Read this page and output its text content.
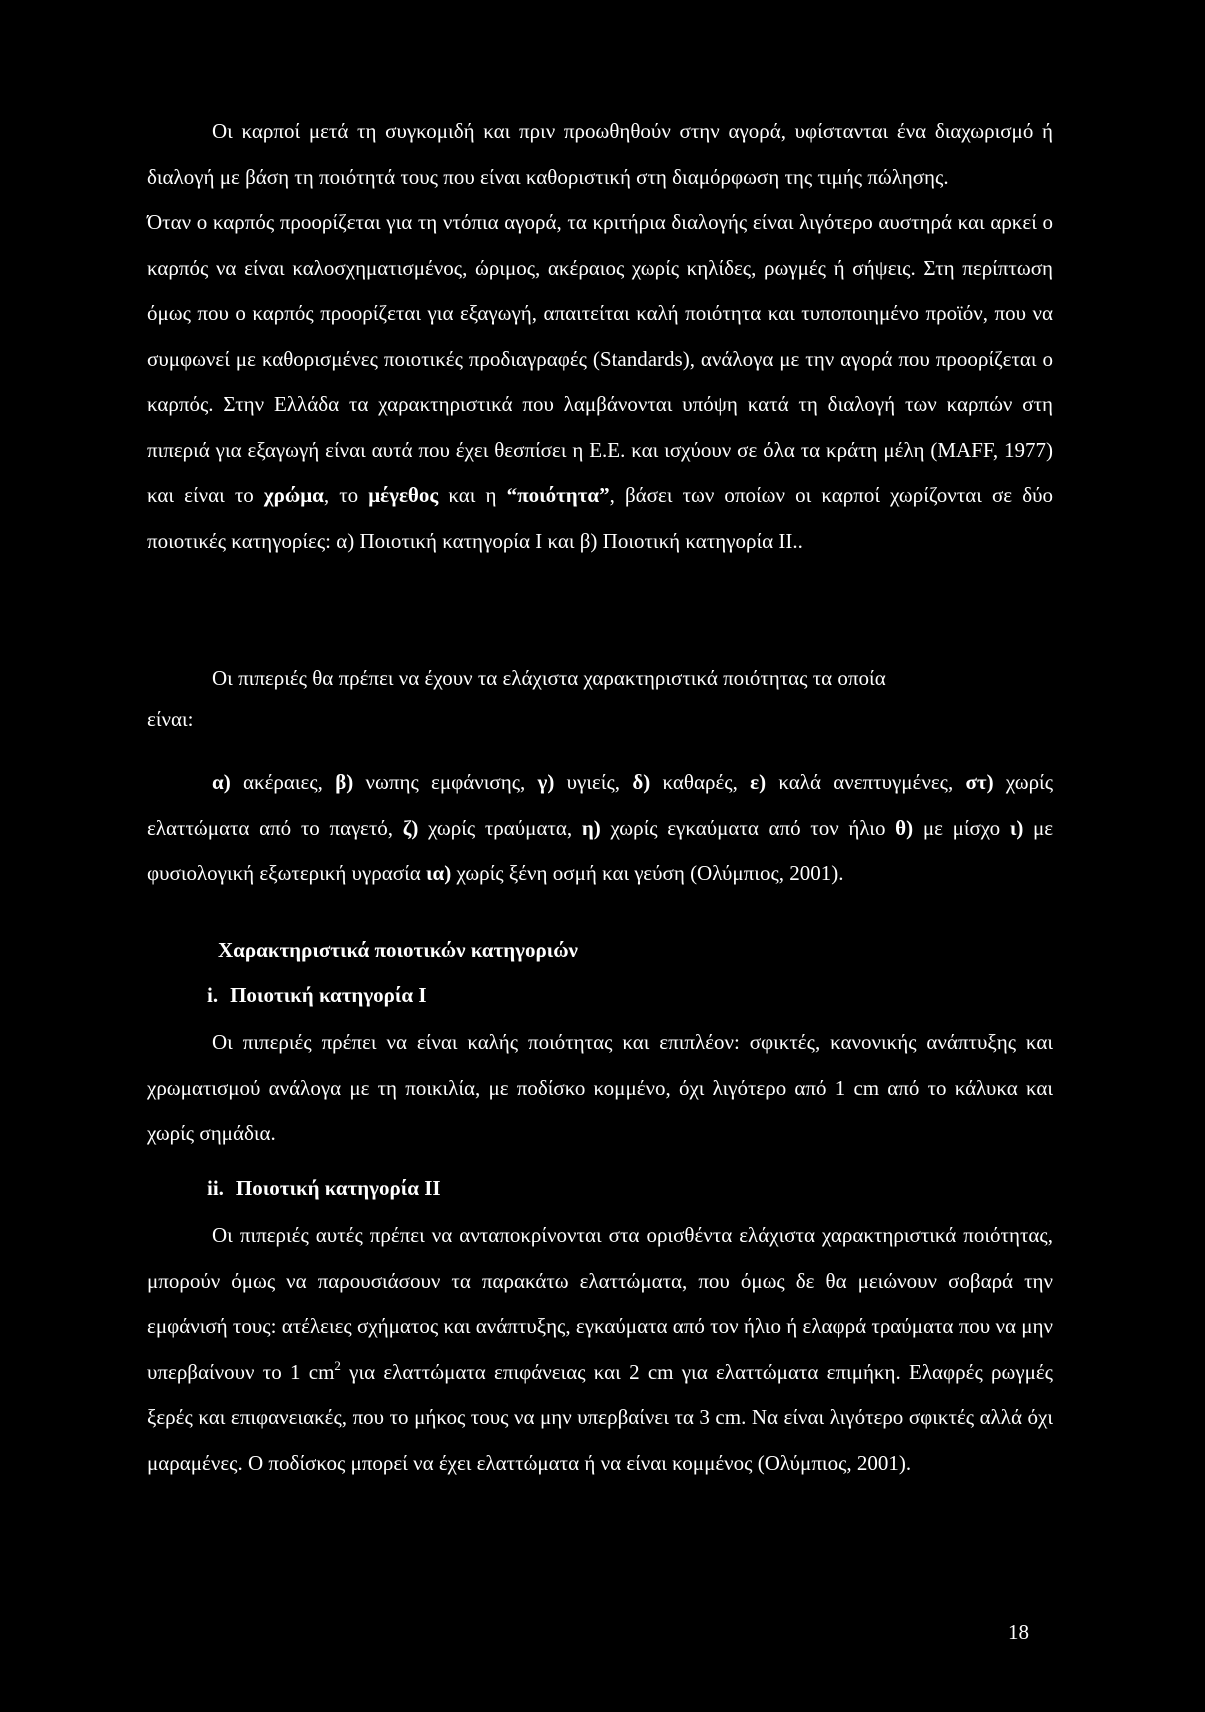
Οι καρποί μετά τη συγκομιδή και πριν προωθηθούν στην αγορά, υφίστανται ένα διαχωρισμό ή διαλογή με βάση τη ποιότητά τους που είναι καθοριστική στη διαμόρφωση της τιμής πώλησης.
Όταν ο καρπός προορίζεται για τη ντόπια αγορά, τα κριτήρια διαλογής είναι λιγότερο αυστηρά και αρκεί ο καρπός να είναι καλοσχηματισμένος, ώριμος, ακέραιος χωρίς κηλίδες, ρωγμές ή σήψεις. Στη περίπτωση όμως που ο καρπός προορίζεται για εξαγωγή, απαιτείται καλή ποιότητα και τυποποιημένο προϊόν, που να συμφωνεί με καθορισμένες ποιοτικές προδιαγραφές (Standards), ανάλογα με την αγορά που προορίζεται ο καρπός. Στην Ελλάδα τα χαρακτηριστικά που λαμβάνονται υπόψη κατά τη διαλογή των καρπών στη πιπεριά για εξαγωγή είναι αυτά που έχει θεσπίσει η Ε.Ε. και ισχύουν σε όλα τα κράτη μέλη (MAFF, 1977) και είναι το χρώμα, το μέγεθος και η “ποιότητα”, βάσει των οποίων οι καρποί χωρίζονται σε δύο ποιοτικές κατηγορίες: α) Ποιοτική κατηγορία I και β) Ποιοτική κατηγορία II..
Οι πιπεριές θα πρέπει να έχουν τα ελάχιστα χαρακτηριστικά ποιότητας τα οποία
είναι:
α) ακέραιες, β) νωπης εμφάνισης, γ) υγιείς, δ) καθαρές, ε) καλά ανεπτυγμένες, στ) χωρίς ελαττώματα από το παγετό, ζ) χωρίς τραύματα, η) χωρίς εγκαύματα από τον ήλιο θ) με μίσχο ι) με φυσιολογική εξωτερική υγρασία ια) χωρίς ξένη οσμή και γεύση (Ολύμπιος, 2001).
Χαρακτηριστικά ποιοτικών κατηγοριών
i. Ποιοτική κατηγορία I
Οι πιπεριές πρέπει να είναι καλής ποιότητας και επιπλέον: σφικτές, κανονικής ανάπτυξης και χρωματισμού ανάλογα με τη ποικιλία, με ποδίσκο κομμένο, όχι λιγότερο από 1 cm από το κάλυκα και χωρίς σημάδια.
ii. Ποιοτική κατηγορία II
Οι πιπεριές αυτές πρέπει να ανταποκρίνονται στα ορισθέντα ελάχιστα χαρακτηριστικά ποιότητας, μπορούν όμως να παρουσιάσουν τα παρακάτω ελαττώματα, που όμως δε θα μειώνουν σοβαρά την εμφάνισή τους: ατέλειες σχήματος και ανάπτυξης, εγκαύματα από τον ήλιο ή ελαφρά τραύματα που να μην υπερβαίνουν το 1 $cm^2$ για ελαττώματα επιφάνειας και 2 cm για ελαττώματα επιμήκη. Ελαφρές ρωγμές ξερές και επιφανειακές, που το μήκος τους να μην υπερβαίνει τα 3 cm. Να είναι λιγότερο σφικτές αλλά όχι μαραμένες. Ο ποδίσκος μπορεί να έχει ελαττώματα ή να είναι κομμένος (Ολύμπιος, 2001).
18
